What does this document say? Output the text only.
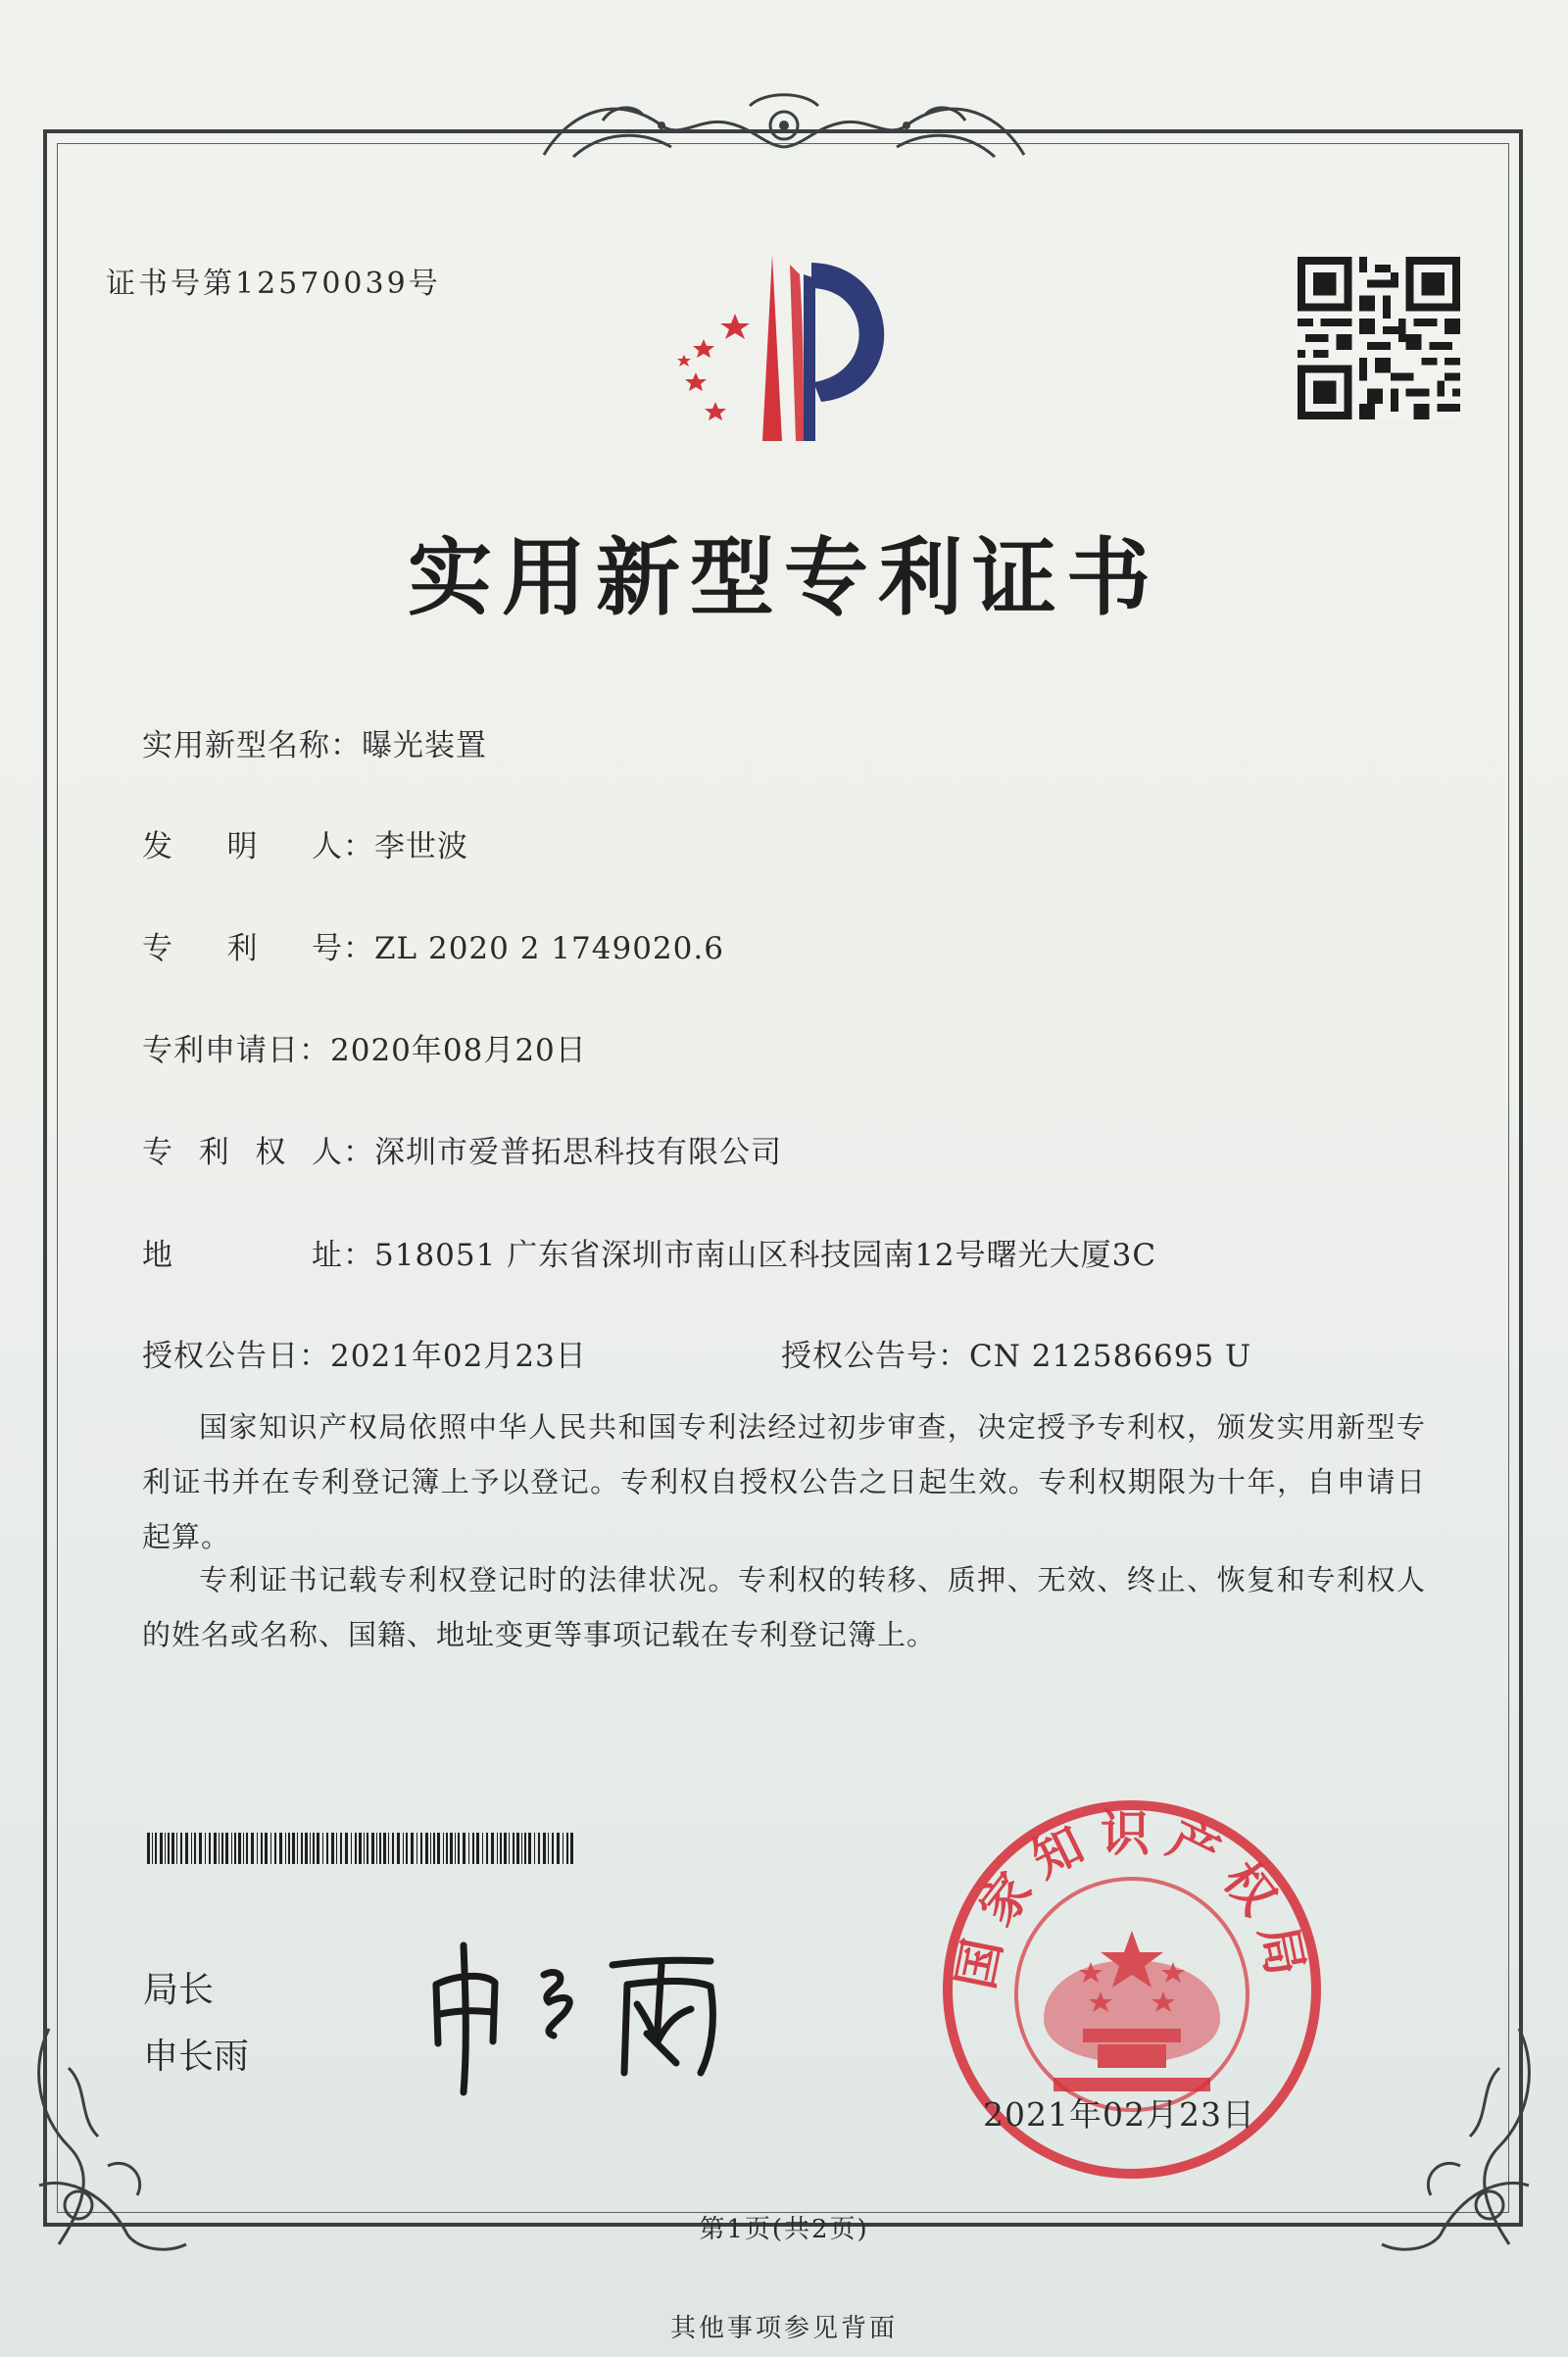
证书号第12570039号
实用新型专利证书
实用新型名称：曝光装置
发 明 人 ：李世波
专 利 号 ：ZL 2020 2 1749020.6
专利申请日：2020年08月20日
专 利 权 人 ：深圳市爱普拓思科技有限公司
地	址 ：518051 广东省深圳市南山区科技园南12号曙光大厦3C
授权公告日：2021年02月23日	授权公告号：CN 212586695 U
国家知识产权局依照中华人民共和国专利法经过初步审查，决定授予专利权，颁发实用新型专利证书并在专利登记簿上予以登记。专利权自授权公告之日起生效。专利权期限为十年，自申请日起算。
专利证书记载专利权登记时的法律状况。专利权的转移、质押、无效、终止、恢复和专利权人的姓名或名称、国籍、地址变更等事项记载在专利登记簿上。
局长
申长雨
国家知识产权局
2021年02月23日
第1页(共2页)
其他事项参见背面
